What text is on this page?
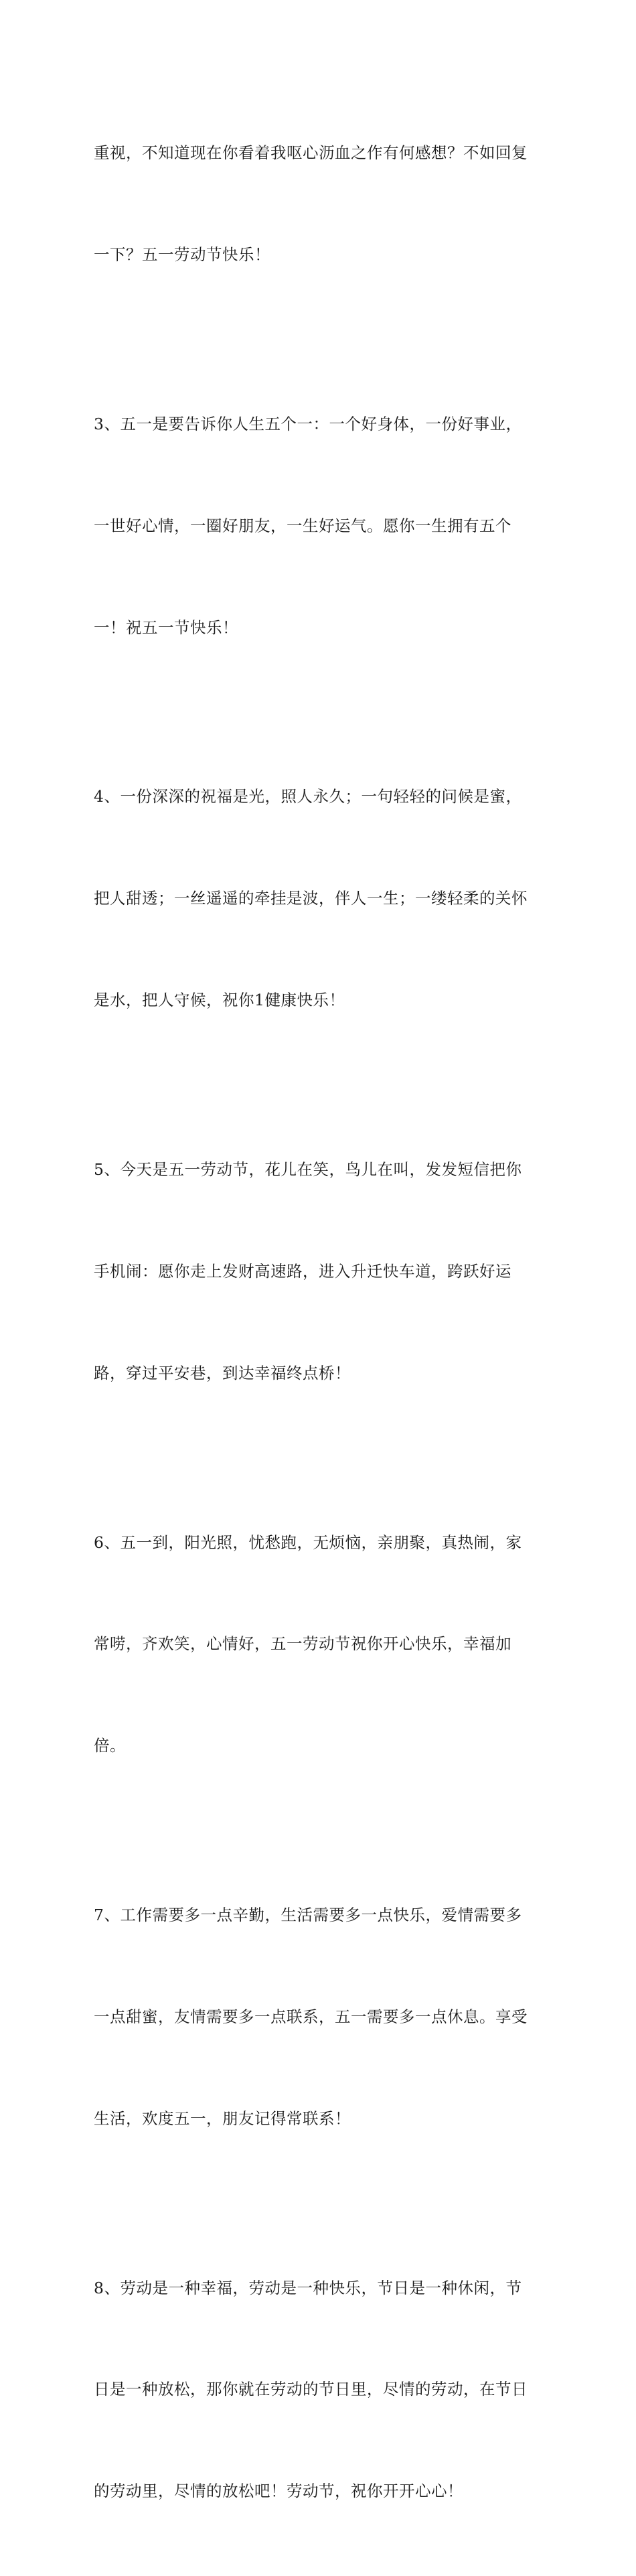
重视，不知道现在你看着我呕心沥血之作有何感想？不如回复

一下？五一劳动节快乐！

3、五一是要告诉你人生五个一：一个好身体，一份好事业，

一世好心情，一圈好朋友，一生好运气。愿你一生拥有五个

一！祝五一节快乐！

4、一份深深的祝福是光，照人永久；一句轻轻的问候是蜜，

把人甜透；一丝遥遥的牵挂是波，伴人一生；一缕轻柔的关怀

是水，把人守候，祝你1健康快乐！

5、今天是五一劳动节，花儿在笑，鸟儿在叫，发发短信把你

手机闹：愿你走上发财高速路，进入升迁快车道，跨跃好运

路，穿过平安巷，到达幸福终点桥！

6、五一到，阳光照，忧愁跑，无烦恼，亲朋聚，真热闹，家

常唠，齐欢笑，心情好，五一劳动节祝你开心快乐，幸福加

倍。

7、工作需要多一点辛勤，生活需要多一点快乐，爱情需要多

一点甜蜜，友情需要多一点联系，五一需要多一点休息。享受

生活，欢度五一，朋友记得常联系！

8、劳动是一种幸福，劳动是一种快乐，节日是一种休闲，节

日是一种放松，那你就在劳动的节日里，尽情的劳动，在节日

的劳动里，尽情的放松吧！劳动节，祝你开开心心！
